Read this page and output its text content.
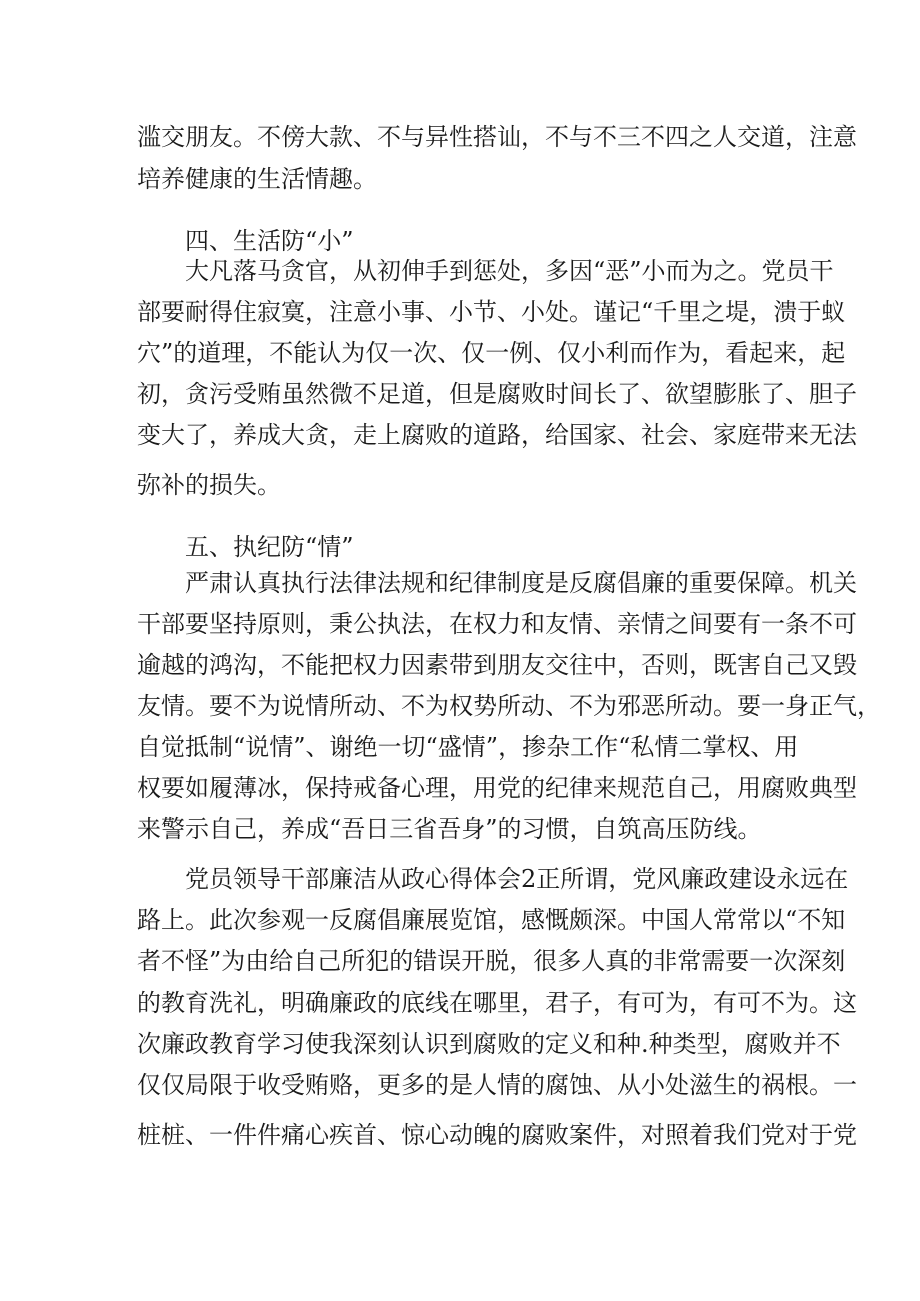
滥交朋友。不傍大款、不与异性搭讪，不与不三不四之人交道，注意
培养健康的生活情趣。
四、生活防“小”
大凡落马贪官，从初伸手到惩处，多因“恶”小而为之。党员干
部要耐得住寂寞，注意小事、小节、小处。谨记“千里之堤，溃于蚁
穴”的道理，不能认为仅一次、仅一例、仅小利而作为，看起来，起
初，贪污受贿虽然微不足道，但是腐败时间长了、欲望膨胀了、胆子
变大了，养成大贪，走上腐败的道路，给国家、社会、家庭带来无法
弥补的损失。
五、执纪防“情”
严肃认真执行法律法规和纪律制度是反腐倡廉的重要保障。机关
干部要坚持原则，秉公执法，在权力和友情、亲情之间要有一条不可
逾越的鸿沟，不能把权力因素带到朋友交往中，否则，既害自己又毁
友情。要不为说情所动、不为权势所动、不为邪恶所动。要一身正气，
自觉抵制“说情”、谢绝一切“盛情”，掺杂工作“私情二掌权、用
权要如履薄冰，保持戒备心理，用党的纪律来规范自己，用腐败典型
来警示自己，养成“吾日三省吾身”的习惯，自筑高压防线。
党员领导干部廉洁从政心得体会2正所谓，党风廉政建设永远在
路上。此次参观一反腐倡廉展览馆，感慨颇深。中国人常常以“不知
者不怪”为由给自己所犯的错误开脱，很多人真的非常需要一次深刻
的教育洗礼，明确廉政的底线在哪里，君子，有可为，有可不为。这
次廉政教育学习使我深刻认识到腐败的定义和种.种类型，腐败并不
仅仅局限于收受贿赂，更多的是人情的腐蚀、从小处滋生的祸根。一
桩桩、一件件痛心疾首、惊心动魄的腐败案件，对照着我们党对于党
